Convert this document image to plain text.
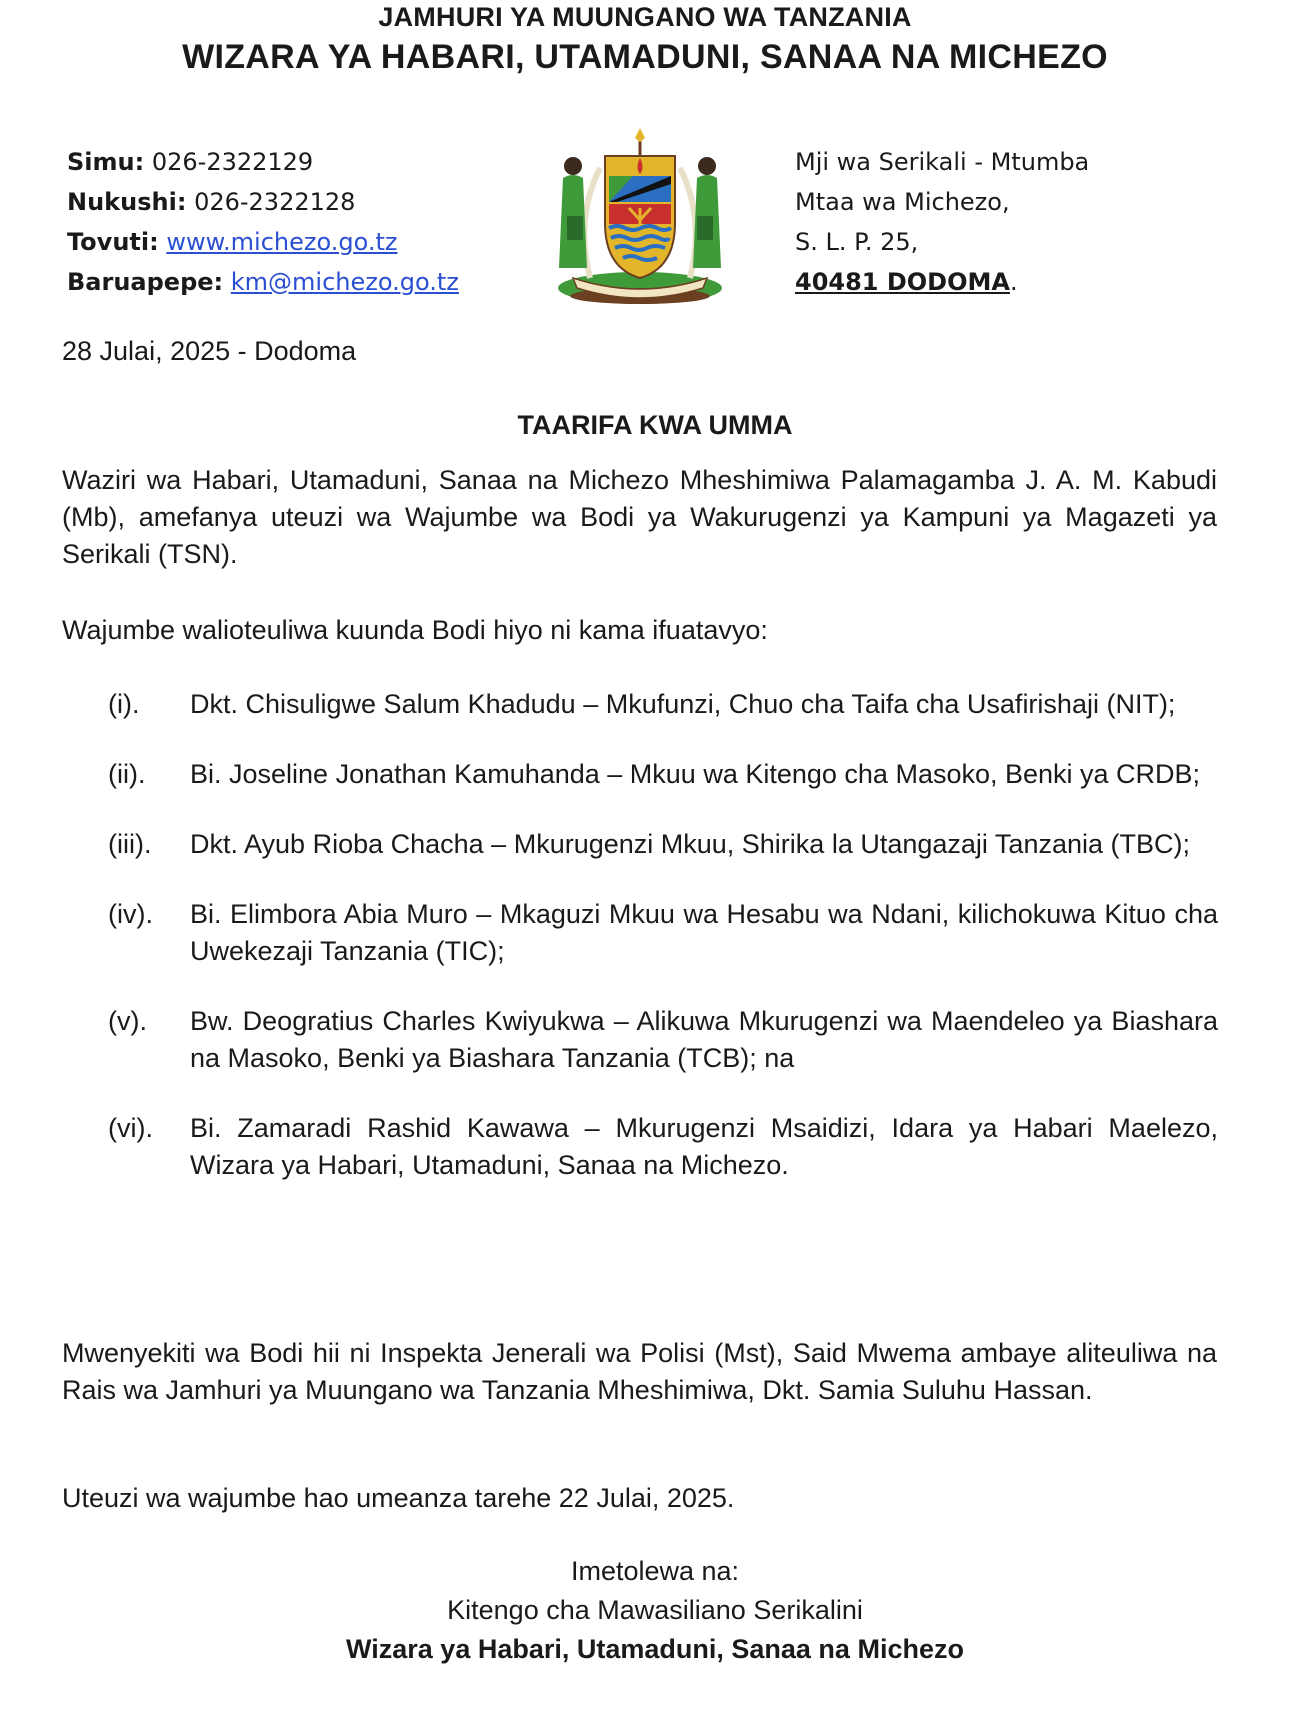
JAMHURI YA MUUNGANO WA TANZANIA
WIZARA YA HABARI, UTAMADUNI, SANAA NA MICHEZO
Simu: 026-2322129
Nukushi: 026-2322128
Tovuti: www.michezo.go.tz
Baruapepe: km@michezo.go.tz
Mji wa Serikali - Mtumba
Mtaa wa Michezo,
S. L. P. 25,
40481 DODOMA.
28 Julai, 2025 - Dodoma
TAARIFA KWA UMMA
Waziri wa Habari, Utamaduni, Sanaa na Michezo Mheshimiwa Palamagamba J. A. M. Kabudi (Mb), amefanya uteuzi wa Wajumbe wa Bodi ya Wakurugenzi ya Kampuni ya Magazeti ya Serikali (TSN).
Wajumbe walioteuliwa kuunda Bodi hiyo ni kama ifuatavyo:
(i).	Dkt. Chisuligwe Salum Khadudu – Mkufunzi, Chuo cha Taifa cha Usafirishaji (NIT);
(ii).	Bi. Joseline Jonathan Kamuhanda – Mkuu wa Kitengo cha Masoko, Benki ya CRDB;
(iii).	Dkt. Ayub Rioba Chacha – Mkurugenzi Mkuu, Shirika la Utangazaji Tanzania (TBC);
(iv).	Bi. Elimbora Abia Muro – Mkaguzi Mkuu wa Hesabu wa Ndani, kilichokuwa Kituo cha Uwekezaji Tanzania (TIC);
(v).	Bw. Deogratius Charles Kwiyukwa – Alikuwa Mkurugenzi wa Maendeleo ya Biashara na Masoko, Benki ya Biashara Tanzania (TCB); na
(vi).	Bi. Zamaradi Rashid Kawawa – Mkurugenzi Msaidizi, Idara ya Habari Maelezo, Wizara ya Habari, Utamaduni, Sanaa na Michezo.
Mwenyekiti wa Bodi hii ni Inspekta Jenerali wa Polisi (Mst), Said Mwema ambaye aliteuliwa na Rais wa Jamhuri ya Muungano wa Tanzania Mheshimiwa, Dkt. Samia Suluhu Hassan.
Uteuzi wa wajumbe hao umeanza tarehe 22 Julai, 2025.
Imetolewa na:
Kitengo cha Mawasiliano Serikalini
Wizara ya Habari, Utamaduni, Sanaa na Michezo
